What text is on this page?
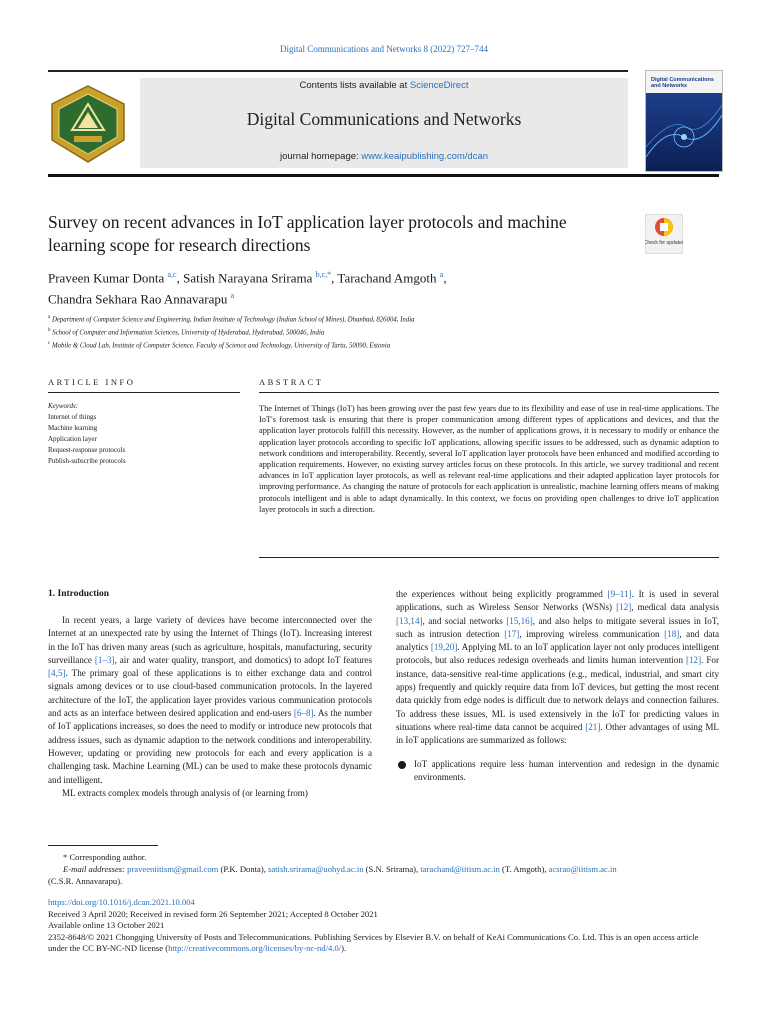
Digital Communications and Networks 8 (2022) 727–744
Contents lists available at ScienceDirect
Digital Communications and Networks
journal homepage: www.keaipublishing.com/dcan
Digital Communications
and Networks
Survey on recent advances in IoT application layer protocols and machine learning scope for research directions	Check for updates
Praveen Kumar Donta $^{a,c}$, Satish Narayana Srirama $^{b,c,*}$, Tarachand Amgoth $^a$,
Chandra Sekhara Rao Annavarapu $^a$
$^a$ Department of Computer Science and Engineering, Indian Institute of Technology (Indian School of Mines), Dhanbad, 826004, India
$^b$ School of Computer and Information Sciences, University of Hyderabad, Hyderabad, 500046, India
$^c$ Mobile & Cloud Lab, Institute of Computer Science, Faculty of Science and Technology, University of Tartu, 50090, Estonia
ARTICLE INFO	ABSTRACT
Keywords:
Internet of things
Machine learning
Application layer
Request-response protocols
Publish-subscribe protocols
The Internet of Things (IoT) has been growing over the past few years due to its flexibility and ease of use in real-time applications. The IoT's foremost task is ensuring that there is proper communication among different types of applications and devices, and that the application layer protocols fulfill this necessity. However, as the number of applications grows, it is necessary to modify or enhance the application layer protocols according to specific IoT applications, allowing specific issues to be addressed, such as dynamic adaption to network conditions and interoperability. Recently, several IoT application layer protocols have been enhanced and modified according to application requirements. However, no existing survey articles focus on these protocols. In this article, we survey traditional and recent advances in IoT application layer protocols, as well as relevant real-time applications and their adapted application layer protocols for improving performance. As changing the nature of protocols for each application is unrealistic, machine learning offers means of making protocols intelligent and is able to adapt dynamically. In this context, we focus on providing open challenges to drive IoT application layer protocols in such a direction.
1. Introduction

In recent years, a large variety of devices have become interconnected over the Internet at an unexpected rate by using the Internet of Things (IoT). Increasing interest in the IoT has driven many areas (such as agriculture, hospitals, manufacturing, security surveillance [1–3], air and water quality, transport, and domotics) to adopt IoT features [4,5]. The primary goal of these applications is to either exchange data and control signals among devices or to use cloud-based communication protocols. In the layered architecture of the IoT, the application layer provides various communication protocols and acts as an interface between desired application and end-users [6–8]. As the number of IoT applications increases, so does the need to modify or introduce new protocols that address issues, such as dynamic adaption to the network conditions and interoperability. However, updating or providing new protocols for each and every application is a challenging task. Machine Learning (ML) can be used to make these protocols dynamic and intelligent.

ML extracts complex models through analysis of (or learning from)

the experiences without being explicitly programmed [9–11]. It is used in several applications, such as Wireless Sensor Networks (WSNs) [12], medical data analysis [13,14], and social networks [15,16], and also helps to mitigate several issues in IoT, such as intrusion detection [17], improving wireless communication [18], and data analytics [19,20]. Applying ML to an IoT application layer not only produces intelligent protocols, but also reduces redesign overheads and limits human intervention [12]. For instance, data-sensitive real-time applications (e.g., medical, industrial, and smart city apps) frequently and quickly require data from IoT devices, but getting the most recent data quickly from edge nodes is difficult due to network delays and connection failures. To address these issues, ML is used extensively in the IoT for predicting values in situations where real-time data cannot be acquired [21]. Other advantages of using ML in IoT applications are summarized as follows:

IoT applications require less human intervention and redesign in the dynamic environments.
* Corresponding author.
E-mail addresses: praveeniitism@gmail.com (P.K. Donta), satish.srirama@uohyd.ac.in (S.N. Srirama), tarachand@iitism.ac.in (T. Amgoth), acsrao@iitism.ac.in
(C.S.R. Annavarapu).
https://doi.org/10.1016/j.dcan.2021.10.004
Received 3 April 2020; Received in revised form 26 September 2021; Accepted 8 October 2021
Available online 13 October 2021
2352-8648/© 2021 Chongqing University of Posts and Telecommunications. Publishing Services by Elsevier B.V. on behalf of KeAi Communications Co. Ltd. This is an open access article under the CC BY-NC-ND license (http://creativecommons.org/licenses/by-nc-nd/4.0/).
